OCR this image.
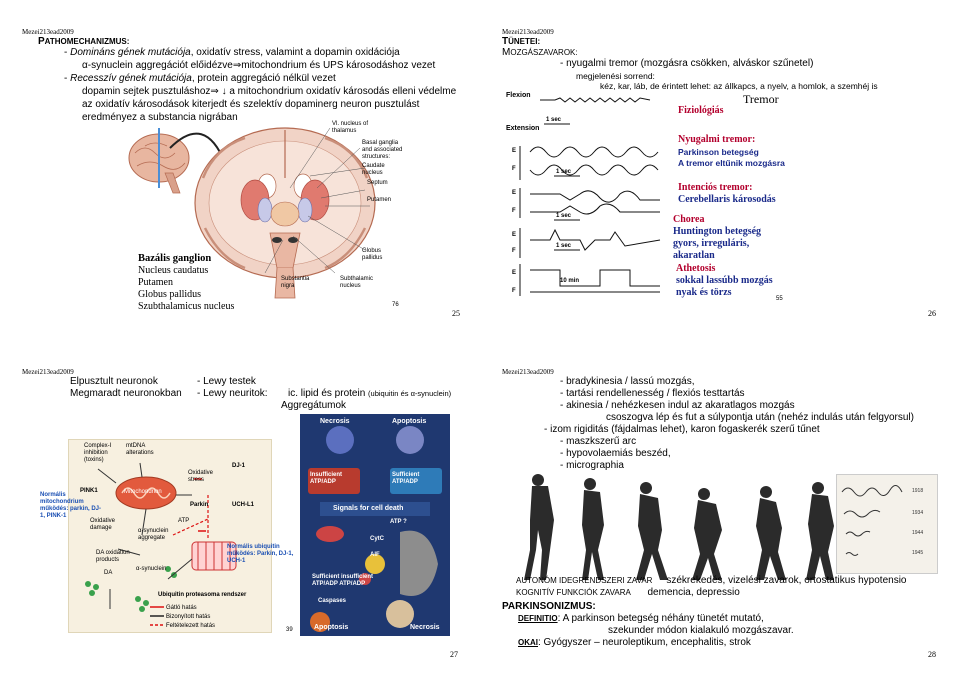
Mezei213ead2009
PATHOMECHANIZMUS:
- Domináns gének mutációja, oxidatív stress, valamint a dopamin oxidációja
α-synuclein aggregációt előidézve⇒mitochondrium és UPS károsodáshoz vezet
- Recesszív gének mutációja, protein aggregáció nélkül vezet
dopamin sejtek pusztuláshoz⇒ ↓ a mitochondrium oxidatív károsodás elleni védelme
az oxidatív károsodások kiterjedt és szelektív dopaminerg neuron pusztulást
eredményez a substancia nigrában
Vl. nucleus of
thalamus
Basal ganglia
and associated
structures:
Caudate
nucleus
Septum
Putamen
Globus
pallidus
Substantia
nigra
Subthalamic
nucleus
76
Bazális ganglion
Nucleus caudatus
Putamen
Globus pallidus
Szubthalamicus nucleus
25
Mezei213ead2009
TÜNETEI:
MOZGÁSZAVAROK:
- nyugalmi tremor (mozgásra csökken, alváskor szűnetel)
megjelenési sorrend:
kéz, kar, láb, de érintett lehet: az állkapcs, a nyelv, a homlok, a szemhéj is
Flexion
Extension
1 sec
1 sec
1 sec
1 sec
10 min
E
F
E
F
E
F
E
F
Fiziológiás
Tremor
Nyugalmi tremor:
Parkinson betegség
A tremor eltűnik mozgásra
Intenciós tremor:
Cerebellaris károsodás
Chorea
Huntington betegség
gyors, irreguláris,
akaratlan
Athetosis
sokkal lassúbb mozgás
nyak és törzs
55
26
Mezei213ead2009
Elpusztult neuronok
Megmaradt neuronokban
- Lewy testek
- Lewy neuritok: ic. lipid és protein (ubiquitin és α-synuclein)
Aggregátumok
Complex-I
inhibition
(toxins)
mtDNA
alterations
DJ-1
Oxidative
stress
PINK1	Mitochondrion
Parkin	UCH-L1
Normális
mitochondrium
működés: parkin, DJ-
1, PINK-1
Oxidative
damage
ATP
α-synuclein
aggregate
DA oxidation
products
Normális ubiquitin
működés: Parkin, DJ-1,
UCH-1
DA
α-synuclein
Ubiquitin proteasoma rendszer
Gátló hatás
Bizonyított hatás
Feltételezett hatás
Necrosis	Apoptosis
Insufficient
ATP/ADP
Sufficient
ATP/ADP
Signals for cell death
ATP ?
CytC
AIF
Sufficient insufficient
ATP/ADP ATP/ADP
Caspases
Apoptosis	Necrosis
39
27
Mezei213ead2009
- bradykinesia / lassú mozgás,
- tartási rendellenesség / flexiós testtartás
- akinesia / nehézkesen indul az akaratlagos mozgás
csoszogva lép és fut a súlypontja után (nehéz indulás után felgyorsul)
- izom rigiditás (fájdalmas lehet), karon fogaskerék szerű tűnet
- maszkszerű arc
- hypovolaemiás beszéd,
- micrographia
1918
1934
1944
1945
AUTONÓM IDEGRENDSZERI ZAVAR székrekedés, vizelési zavarok, ortostatikus hypotensio
KOGNITÍV FUNKCIÓK ZAVARA demencia, depressio
PARKINSONIZMUS:
DEFINITIO: A parkinson betegség néhány tünetét mutató,
szekunder módon kialakuló mozgászavar.
OKAI: Gyógyszer – neuroleptikum, encephalitis, strok
28
